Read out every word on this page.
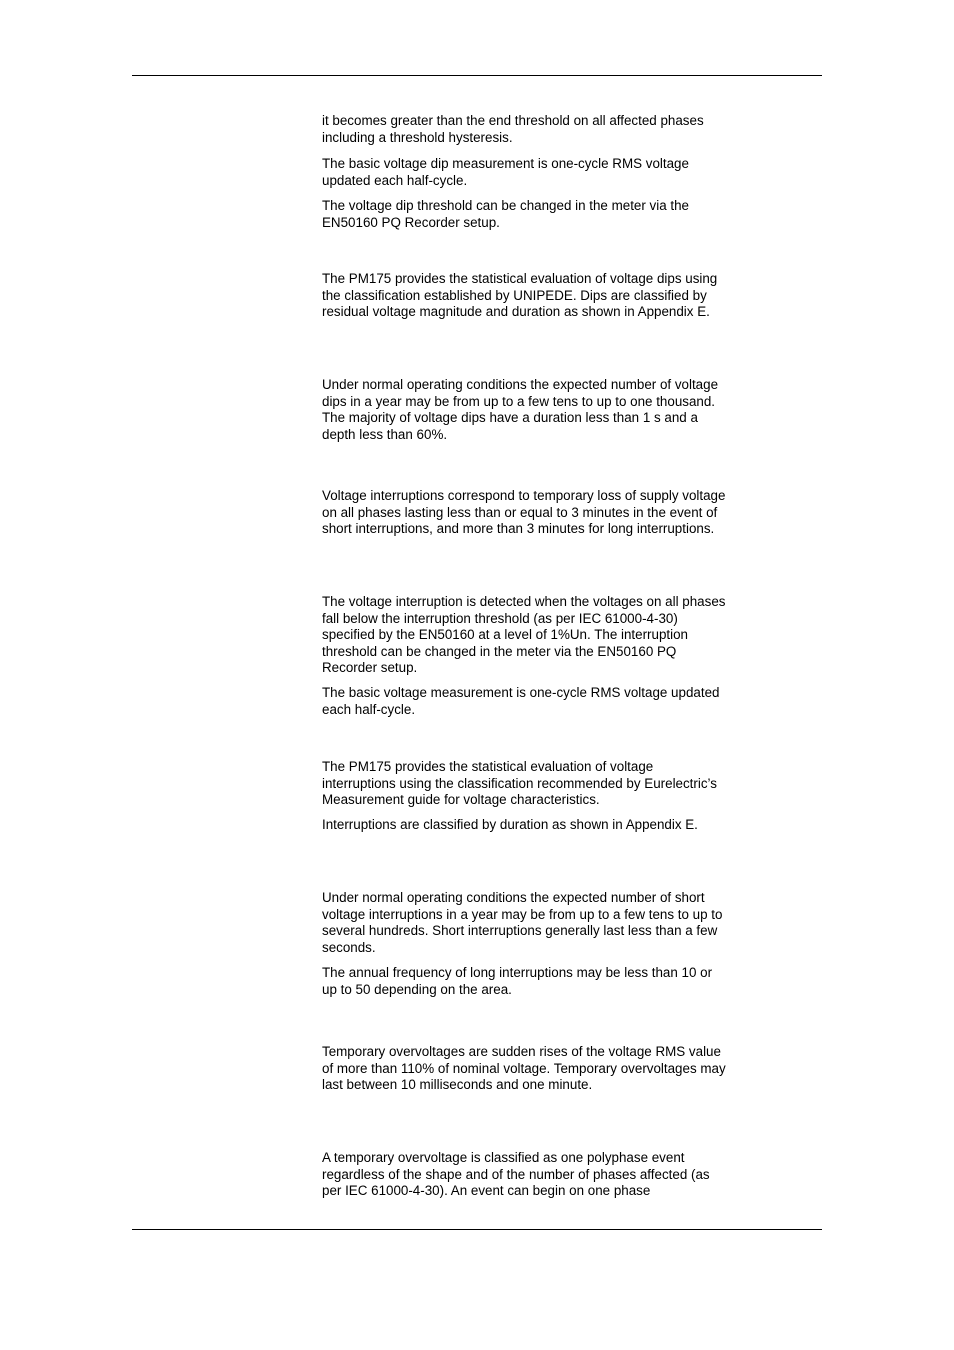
it becomes greater than the end threshold on all affected phases including a threshold hysteresis.

The basic voltage dip measurement is one-cycle RMS voltage updated each half-cycle.

The voltage dip threshold can be changed in the meter via the EN50160 PQ Recorder setup.

The PM175 provides the statistical evaluation of voltage dips using the classification established by UNIPEDE. Dips are classified by residual voltage magnitude and duration as shown in Appendix E.

Under normal operating conditions the expected number of voltage dips in a year may be from up to a few tens to up to one thousand. The majority of voltage dips have a duration less than 1 s and a depth less than 60%.

Voltage interruptions correspond to temporary loss of supply voltage on all phases lasting less than or equal to 3 minutes in the event of short interruptions, and more than 3 minutes for long interruptions.

The voltage interruption is detected when the voltages on all phases fall below the interruption threshold (as per IEC 61000-4-30) specified by the EN50160 at a level of 1%Un. The interruption threshold can be changed in the meter via the EN50160 PQ Recorder setup.

The basic voltage measurement is one-cycle RMS voltage updated each half-cycle.

The PM175 provides the statistical evaluation of voltage interruptions using the classification recommended by Eurelectric’s Measurement guide for voltage characteristics.

Interruptions are classified by duration as shown in Appendix E.

Under normal operating conditions the expected number of short voltage interruptions in a year may be from up to a few tens to up to several hundreds. Short interruptions generally last less than a few seconds.

The annual frequency of long interruptions may be less than 10 or up to 50 depending on the area.

Temporary overvoltages are sudden rises of the voltage RMS value of more than 110% of nominal voltage. Temporary overvoltages may last between 10 milliseconds and one minute.

A temporary overvoltage is classified as one polyphase event regardless of the shape and of the number of phases affected (as per IEC 61000-4-30). An event can begin on one phase
